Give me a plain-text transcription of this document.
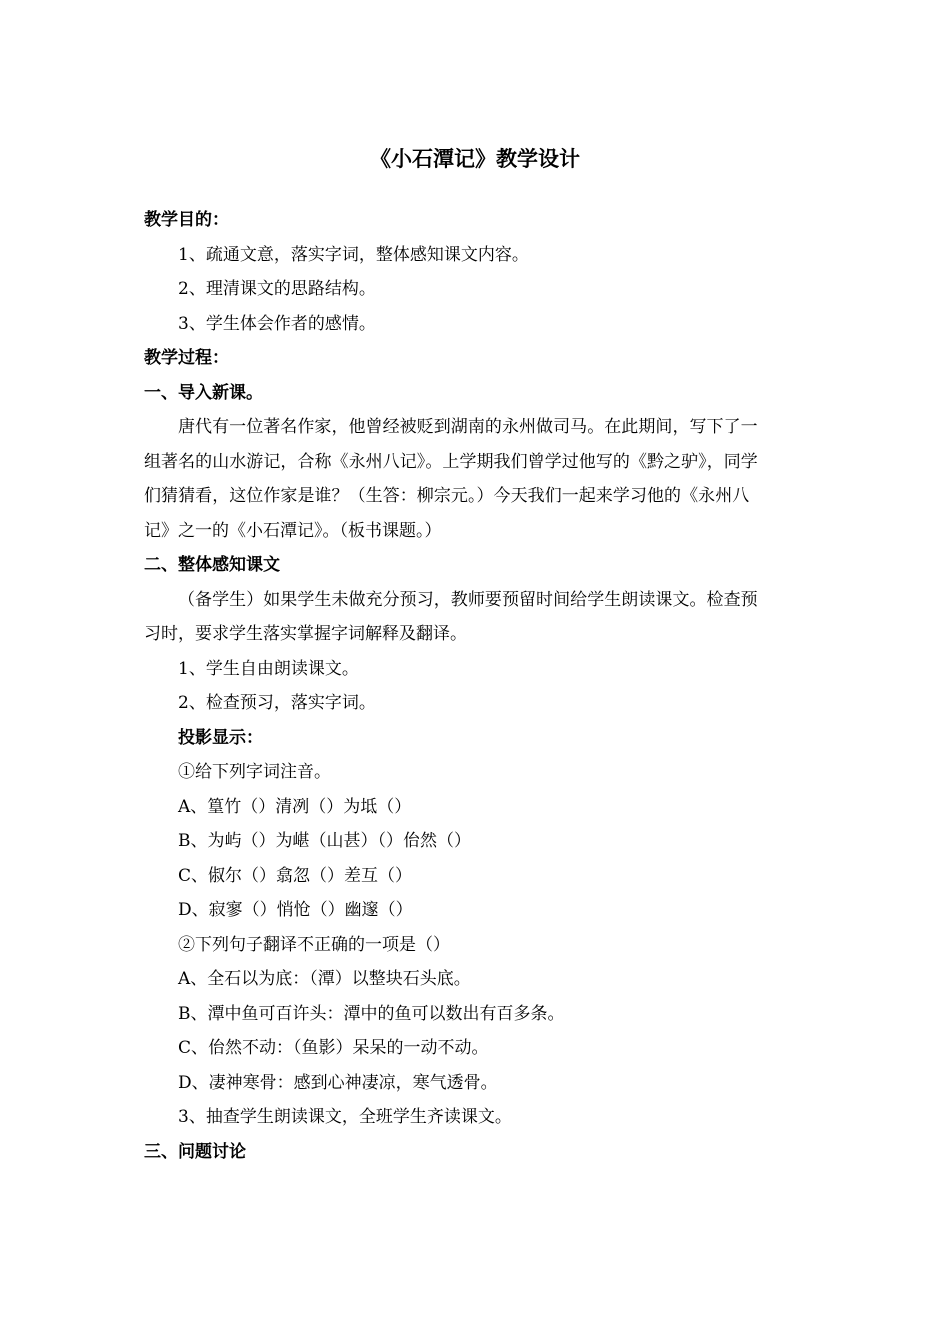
《小石潭记》教学设计
教学目的：
1、疏通文意，落实字词，整体感知课文内容。
2、理清课文的思路结构。
3、学生体会作者的感情。
教学过程：
一、导入新课。
唐代有一位著名作家，他曾经被贬到湖南的永州做司马。在此期间，写下了一
组著名的山水游记，合称《永州八记》。上学期我们曾学过他写的《黔之驴》，同学
们猜猜看，这位作家是谁？（生答：柳宗元。）今天我们一起来学习他的《永州八
记》之一的《小石潭记》。（板书课题。）
二、整体感知课文
（备学生）如果学生未做充分预习，教师要预留时间给学生朗读课文。检查预
习时，要求学生落实掌握字词解释及翻译。
1、学生自由朗读课文。
2、检查预习，落实字词。
投影显示：
①给下列字词注音。
A、篁竹（）清冽（）为坻（）
B、为屿（）为嵁（山甚）（）佁然（）
C、俶尔（）翕忽（）差互（）
D、寂寥（）悄怆（）幽邃（）
②下列句子翻译不正确的一项是（）
A、全石以为底：（潭）以整块石头底。
B、潭中鱼可百许头：潭中的鱼可以数出有百多条。
C、佁然不动：（鱼影）呆呆的一动不动。
D、凄神寒骨：感到心神凄凉，寒气透骨。
3、抽查学生朗读课文，全班学生齐读课文。
三、问题讨论
